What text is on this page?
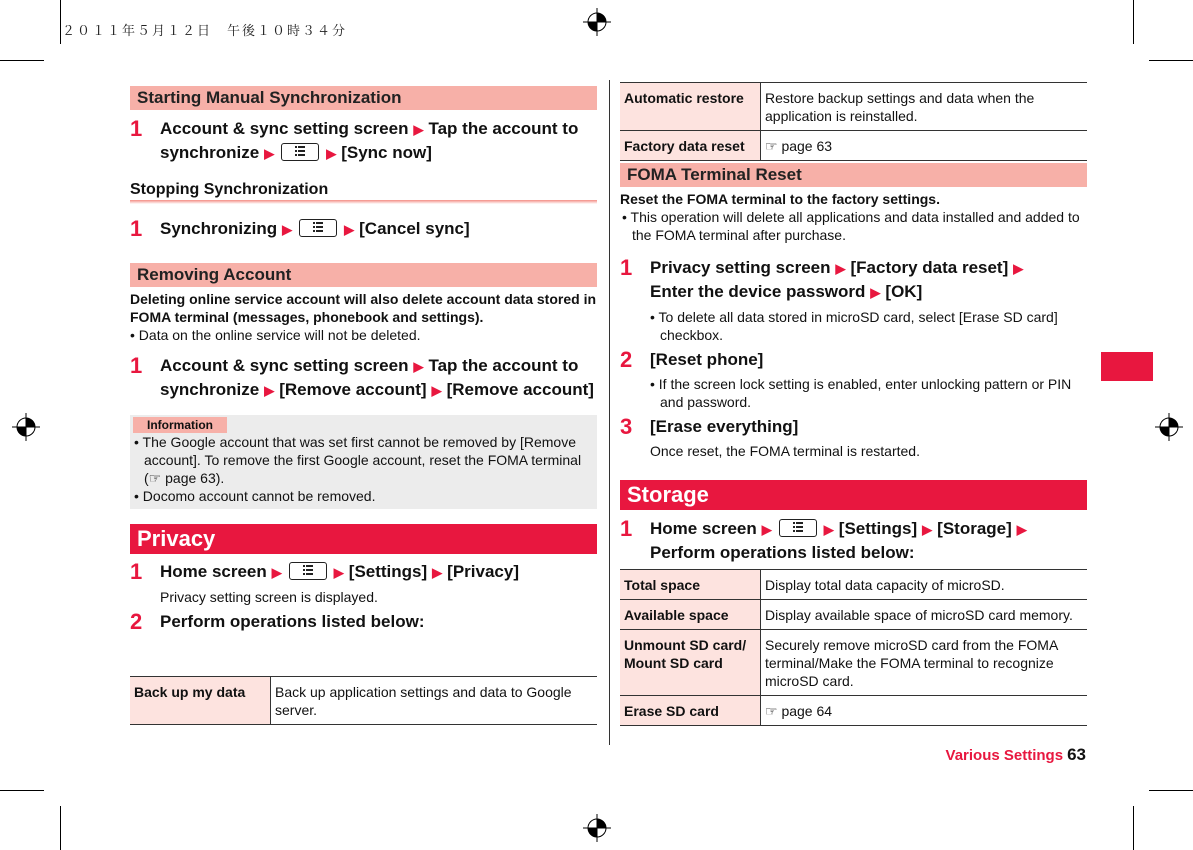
２０１１年５月１２日　午後１０時３４分
Starting Manual Synchronization
1 Account & sync setting screen ▶ Tap the account to synchronize ▶	▶ [Sync now]
Stopping Synchronization
1 Synchronizing ▶	▶ [Cancel sync]
Removing Account
Deleting online service account will also delete account data stored in FOMA terminal (messages, phonebook and settings).
• Data on the online service will not be deleted.
1 Account & sync setting screen ▶ Tap the account to synchronize ▶ [Remove account] ▶ [Remove account]
Information
• The Google account that was set first cannot be removed by [Remove account]. To remove the first Google account, reset the FOMA terminal (☞ page 63).
• Docomo account cannot be removed.
Privacy
1 Home screen ▶	▶ [Settings] ▶ [Privacy]
Privacy setting screen is displayed.
2 Perform operations listed below:
Back up my data	Back up application settings and data to Google server.
Automatic restore	Restore backup settings and data when the application is reinstalled.
Factory data reset	☞ page 63
FOMA Terminal Reset
Reset the FOMA terminal to the factory settings.
• This operation will delete all applications and data installed and added to the FOMA terminal after purchase.
1 Privacy setting screen ▶ [Factory data reset] ▶
Enter the device password ▶ [OK]
• To delete all data stored in microSD card, select [Erase SD card] checkbox.
2 [Reset phone]
• If the screen lock setting is enabled, enter unlocking pattern or PIN and password.
3 [Erase everything]
Once reset, the FOMA terminal is restarted.
Storage
1 Home screen ▶	▶ [Settings] ▶ [Storage] ▶
Perform operations listed below:
Total space	Display total data capacity of microSD.
Available space	Display available space of microSD card memory.
Unmount SD card/ Mount SD card	Securely remove microSD card from the FOMA terminal/Make the FOMA terminal to recognize microSD card.
Erase SD card	☞ page 64
Various Settings 63
